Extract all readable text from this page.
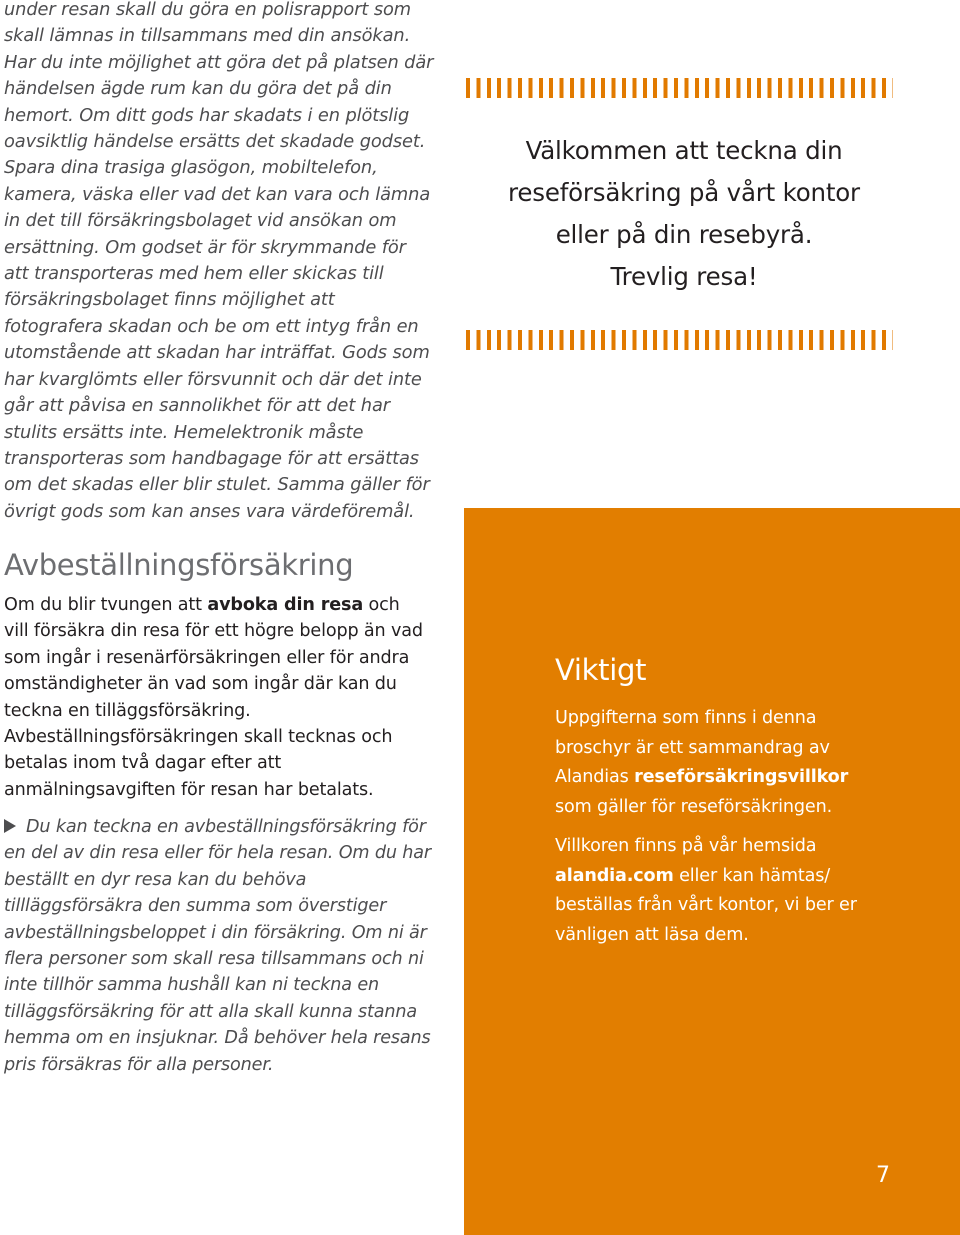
under resan skall du göra en polisrapport som skall lämnas in tillsammans med din ansökan. Har du inte möjlighet att göra det på platsen där händelsen ägde rum kan du göra det på din hemort. Om ditt gods har skadats i en plötslig oavsiktlig händelse ersätts det skadade godset. Spara dina trasiga glasögon, mobiltelefon, kamera, väska eller vad det kan vara och lämna in det till försäkringsbolaget vid ansökan om ersättning. Om godset är för skrymmande för att transporteras med hem eller skickas till försäkringsbolaget finns möjlighet att fotografera skadan och be om ett intyg från en utomstående att skadan har inträffat. Gods som har kvarglömts eller försvunnit och där det inte går att påvisa en sannolikhet för att det har stulits ersätts inte. Hemelektronik måste transporteras som handbagage för att ersättas om det skadas eller blir stulet. Samma gäller för övrigt gods som kan anses vara värdeföremål.
Avbeställningsförsäkring
Om du blir tvungen att avboka din resa och vill försäkra din resa för ett högre belopp än vad som ingår i resenärförsäkringen eller för andra omständigheter än vad som ingår där kan du teckna en tilläggsförsäkring. Avbeställningsförsäkringen skall tecknas och betalas inom två dagar efter att anmälningsavgiften för resan har betalats.
Du kan teckna en avbeställningsförsäkring för en del av din resa eller för hela resan. Om du har beställt en dyr resa kan du behöva tillläggsförsäkra den summa som överstiger avbeställningsbeloppet i din försäkring. Om ni är flera personer som skall resa tillsammans och ni inte tillhör samma hushåll kan ni teckna en tilläggsförsäkring för att alla skall kunna stanna hemma om en insjuknar. Då behöver hela resans pris försäkras för alla personer.
Välkommen att teckna din
reseförsäkring på vårt kontor
eller på din resebyrå.
Trevlig resa!
Viktigt
Uppgifterna som finns i denna broschyr är ett sammandrag av Alandias reseförsäkringsvillkor som gäller för reseförsäkringen.
Villkoren finns på vår hemsida alandia.com eller kan hämtas/ beställas från vårt kontor, vi ber er vänligen att läsa dem.
7
